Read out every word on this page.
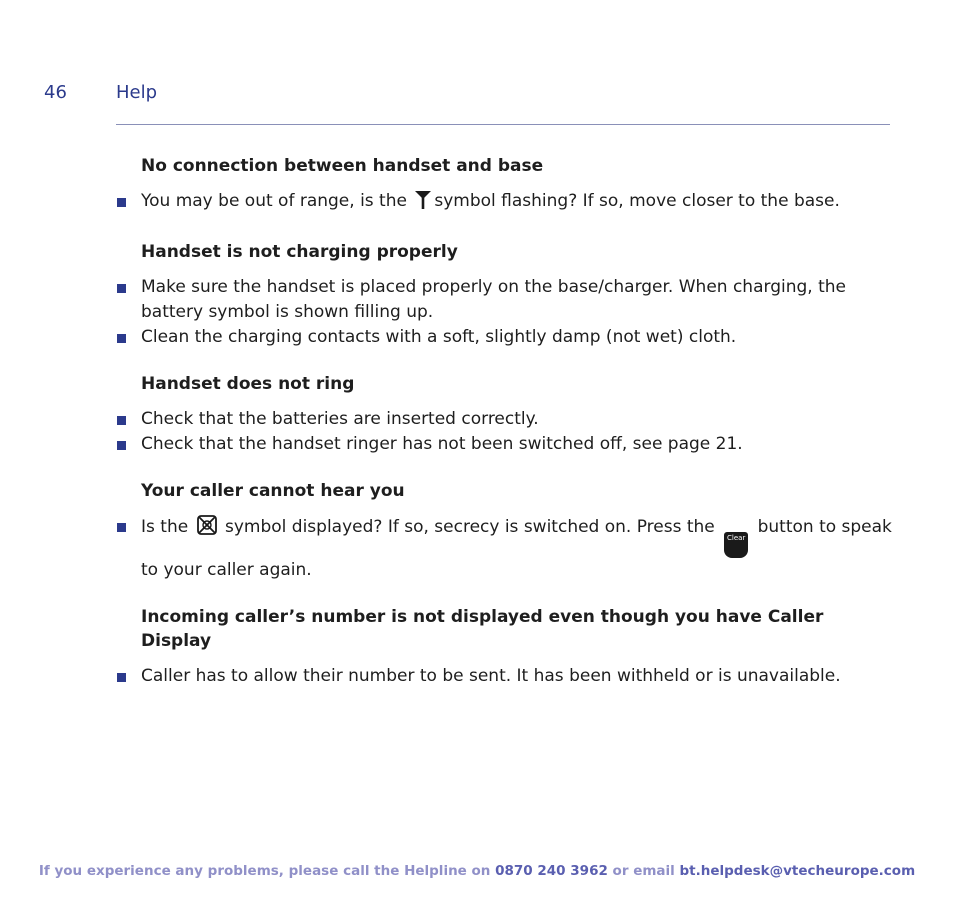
46	Help
No connection between handset and base
You may be out of range, is the symbol flashing? If so, move closer to the base.
Handset is not charging properly
Make sure the handset is placed properly on the base/charger. When charging, the battery symbol is shown filling up.
Clean the charging contacts with a soft, slightly damp (not wet) cloth.
Handset does not ring
Check that the batteries are inserted correctly.
Check that the handset ringer has not been switched off, see page 21.
Your caller cannot hear you
Is the  symbol displayed? If so, secrecy is switched on. Press the Clear button to speak to your caller again.
Incoming caller’s number is not displayed even though you have Caller Display
Caller has to allow their number to be sent. It has been withheld or is unavailable.
If you experience any problems, please call the Helpline on 0870 240 3962 or email bt.helpdesk@vtecheurope.com
